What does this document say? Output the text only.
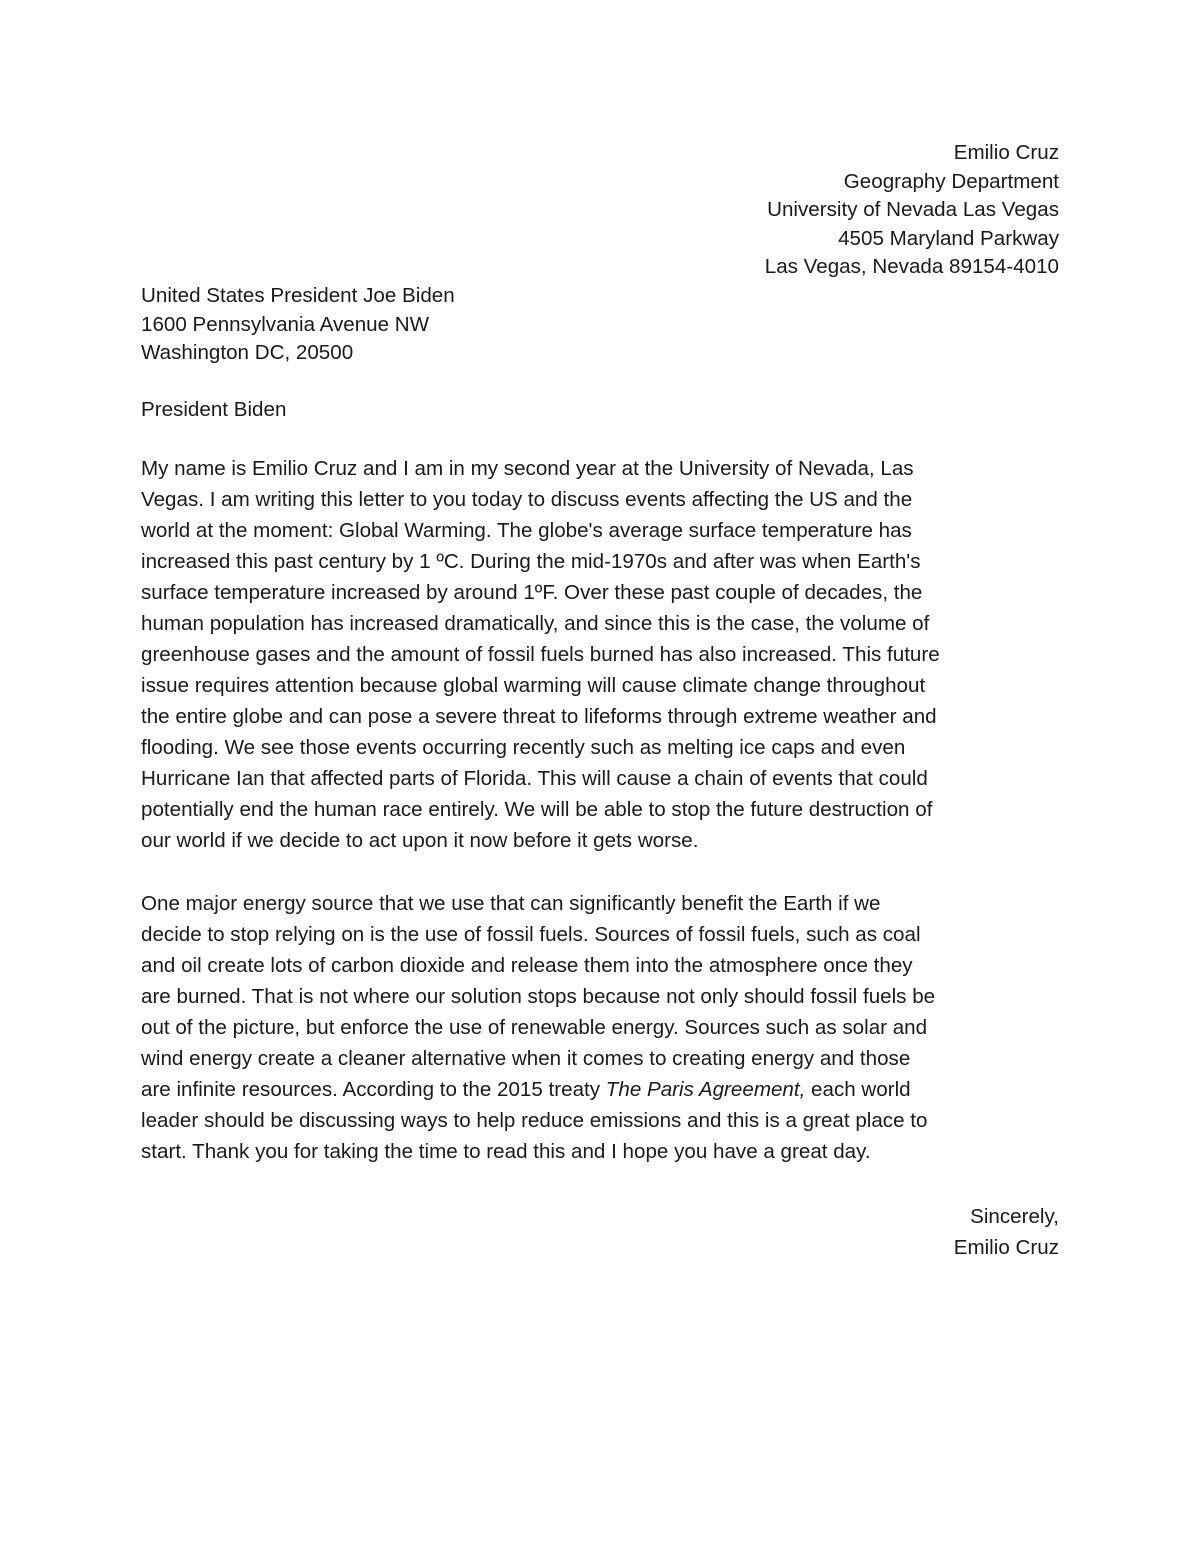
Emilio Cruz
Geography Department
University of Nevada Las Vegas
4505 Maryland Parkway
Las Vegas, Nevada 89154-4010
United States President Joe Biden
1600 Pennsylvania Avenue NW
Washington DC, 20500
President Biden
My name is Emilio Cruz and I am in my second year at the University of Nevada, Las
Vegas. I am writing this letter to you today to discuss events affecting the US and the
world at the moment: Global Warming. The globe's average surface temperature has
increased this past century by 1 ºC. During the mid-1970s and after was when Earth's
surface temperature increased by around 1ºF. Over these past couple of decades, the
human population has increased dramatically, and since this is the case, the volume of
greenhouse gases and the amount of fossil fuels burned has also increased. This future
issue requires attention because global warming will cause climate change throughout
the entire globe and can pose a severe threat to lifeforms through extreme weather and
flooding. We see those events occurring recently such as melting ice caps and even
Hurricane Ian that affected parts of Florida. This will cause a chain of events that could
potentially end the human race entirely. We will be able to stop the future destruction of
our world if we decide to act upon it now before it gets worse.
One major energy source that we use that can significantly benefit the Earth if we
decide to stop relying on is the use of fossil fuels. Sources of fossil fuels, such as coal
and oil create lots of carbon dioxide and release them into the atmosphere once they
are burned. That is not where our solution stops because not only should fossil fuels be
out of the picture, but enforce the use of renewable energy. Sources such as solar and
wind energy create a cleaner alternative when it comes to creating energy and those
are infinite resources. According to the 2015 treaty The Paris Agreement, each world
leader should be discussing ways to help reduce emissions and this is a great place to
start. Thank you for taking the time to read this and I hope you have a great day.
Sincerely,
Emilio Cruz
